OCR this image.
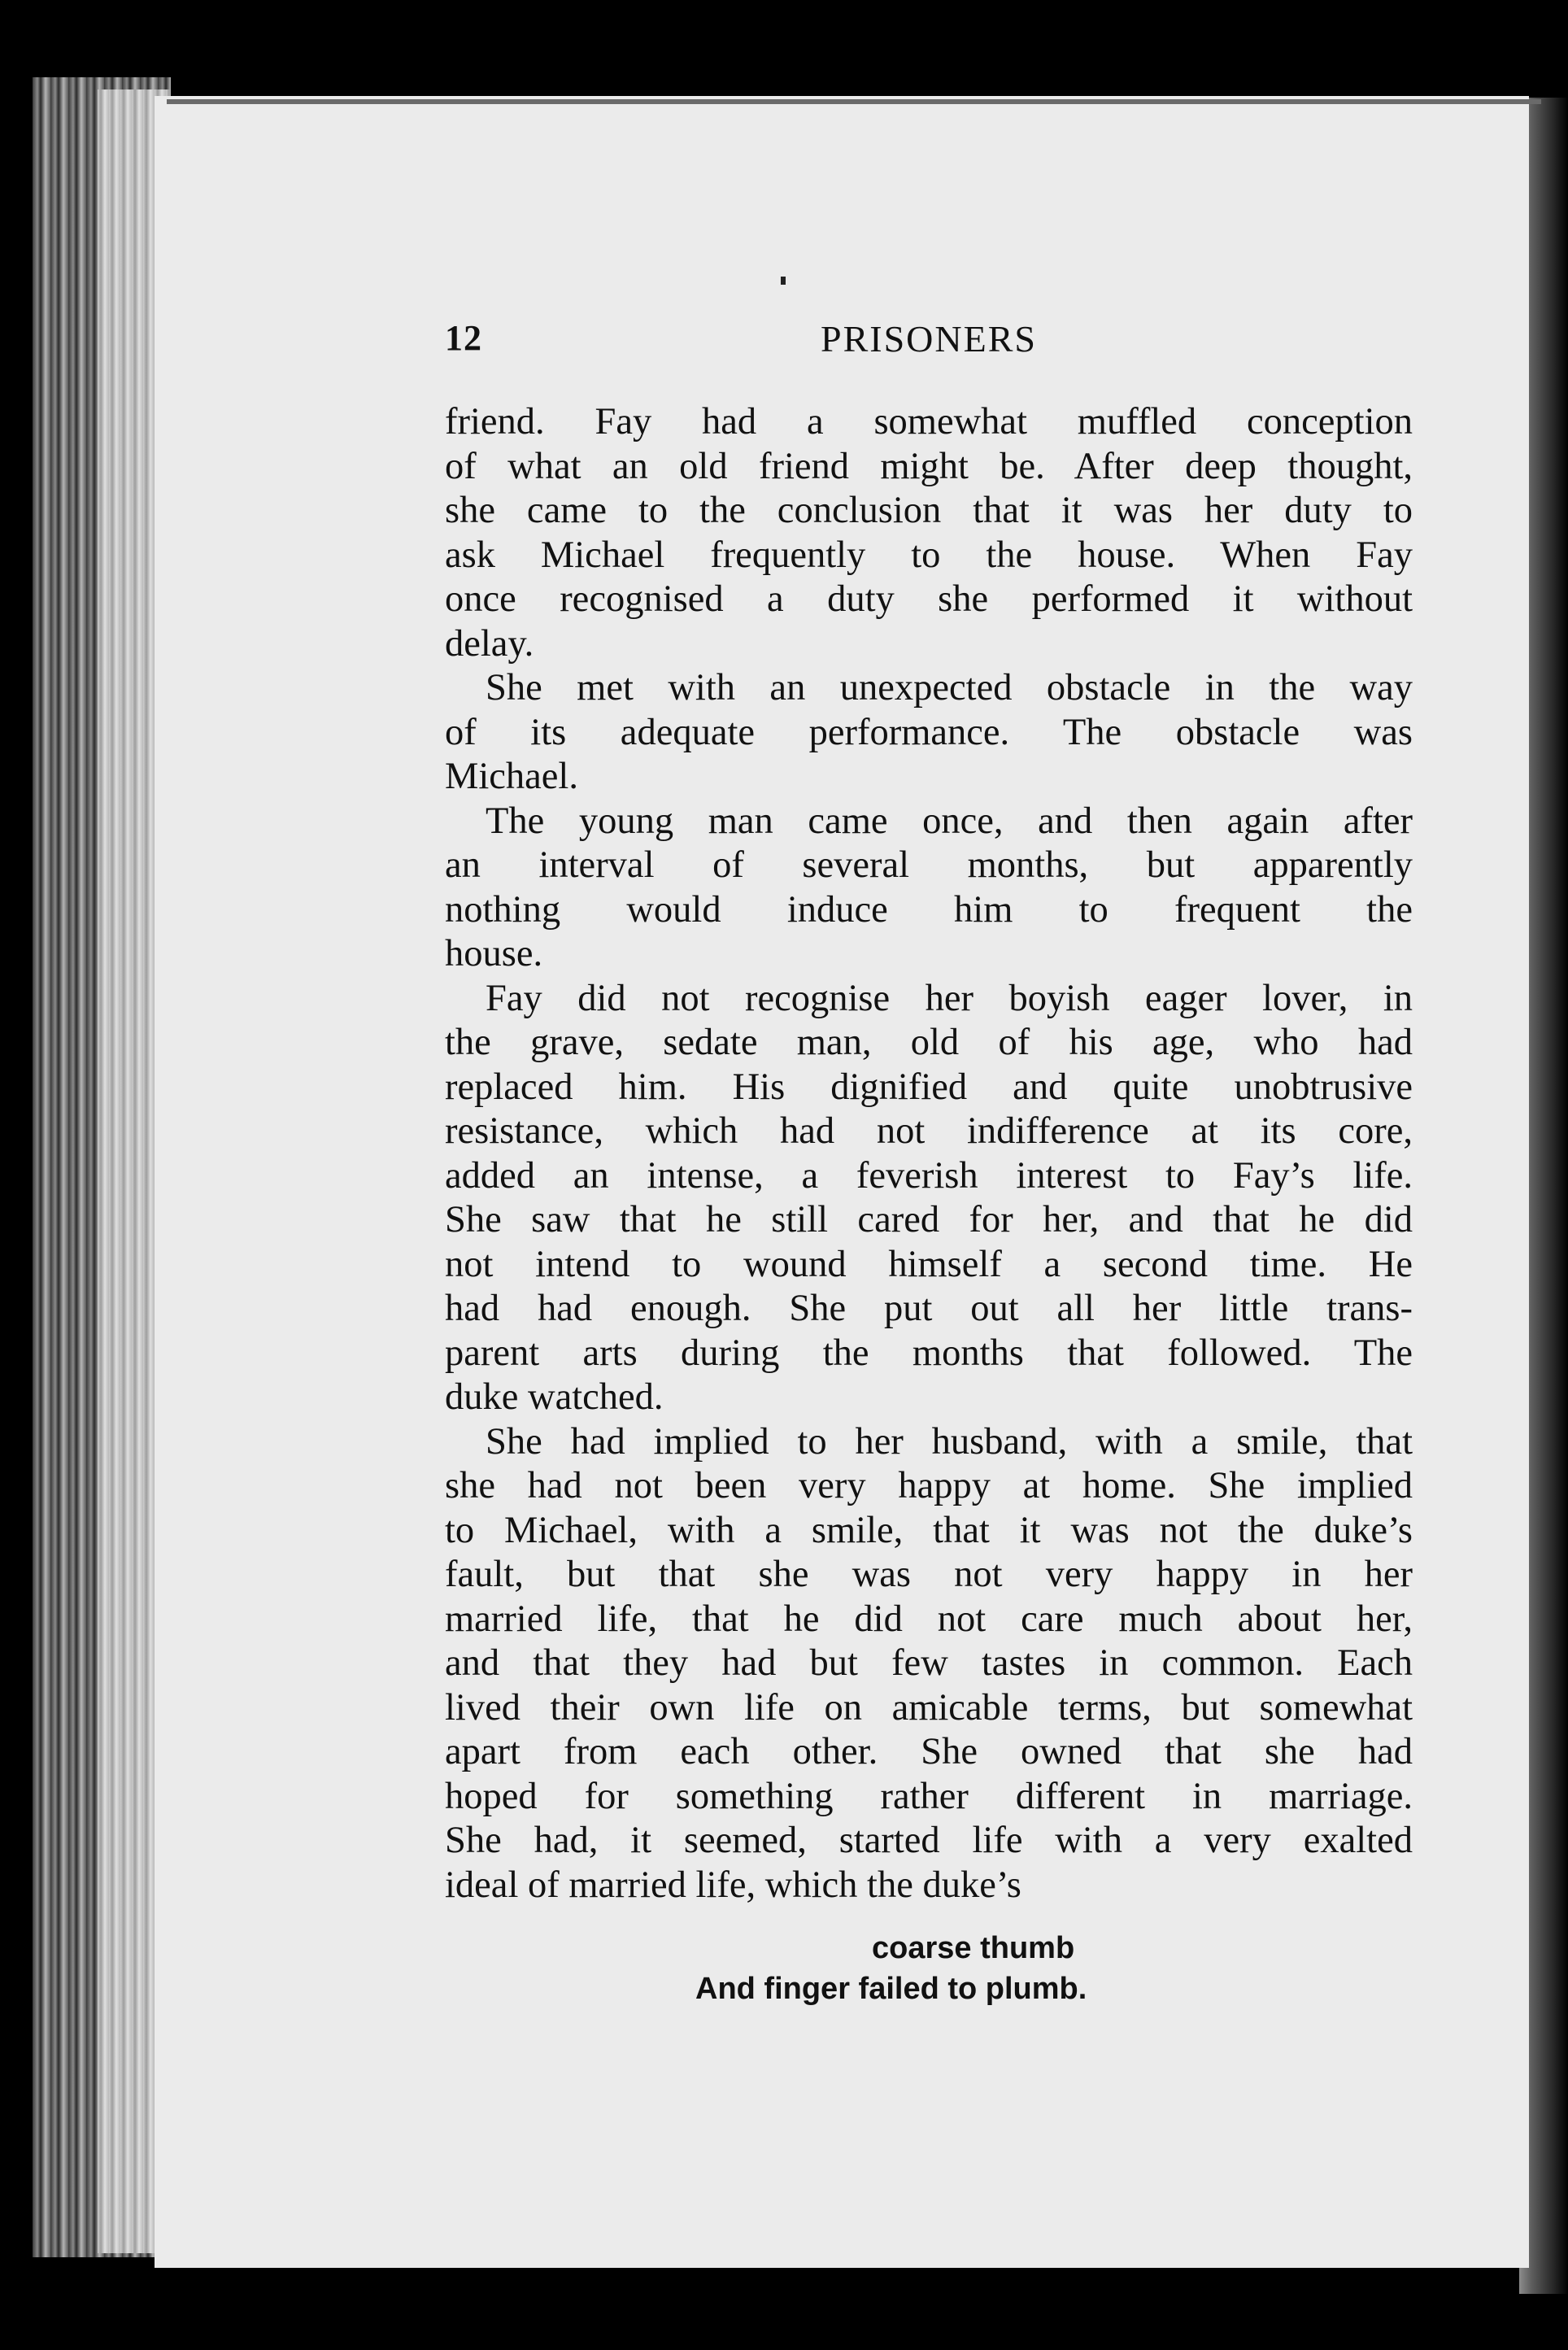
12	PRISONERS
friend. Fay had a somewhat muffled conception
of what an old friend might be. After deep thought,
she came to the conclusion that it was her duty to
ask Michael frequently to the house. When Fay
once recognised a duty she performed it without
delay.
She met with an unexpected obstacle in the way
of its adequate performance. The obstacle was
Michael.
The young man came once, and then again after
an interval of several months, but apparently
nothing would induce him to frequent the
house.
Fay did not recognise her boyish eager lover, in
the grave, sedate man, old of his age, who had
replaced him. His dignified and quite unobtrusive
resistance, which had not indifference at its core,
added an intense, a feverish interest to Fay’s life.
She saw that he still cared for her, and that he did
not intend to wound himself a second time. He
had had enough. She put out all her little trans-
parent arts during the months that followed. The
duke watched.
She had implied to her husband, with a smile, that
she had not been very happy at home. She implied
to Michael, with a smile, that it was not the duke’s
fault, but that she was not very happy in her
married life, that he did not care much about her,
and that they had but few tastes in common. Each
lived their own life on amicable terms, but somewhat
apart from each other. She owned that she had
hoped for something rather different in marriage.
She had, it seemed, started life with a very exalted
ideal of married life, which the duke’s
coarse thumb
And finger failed to plumb.
